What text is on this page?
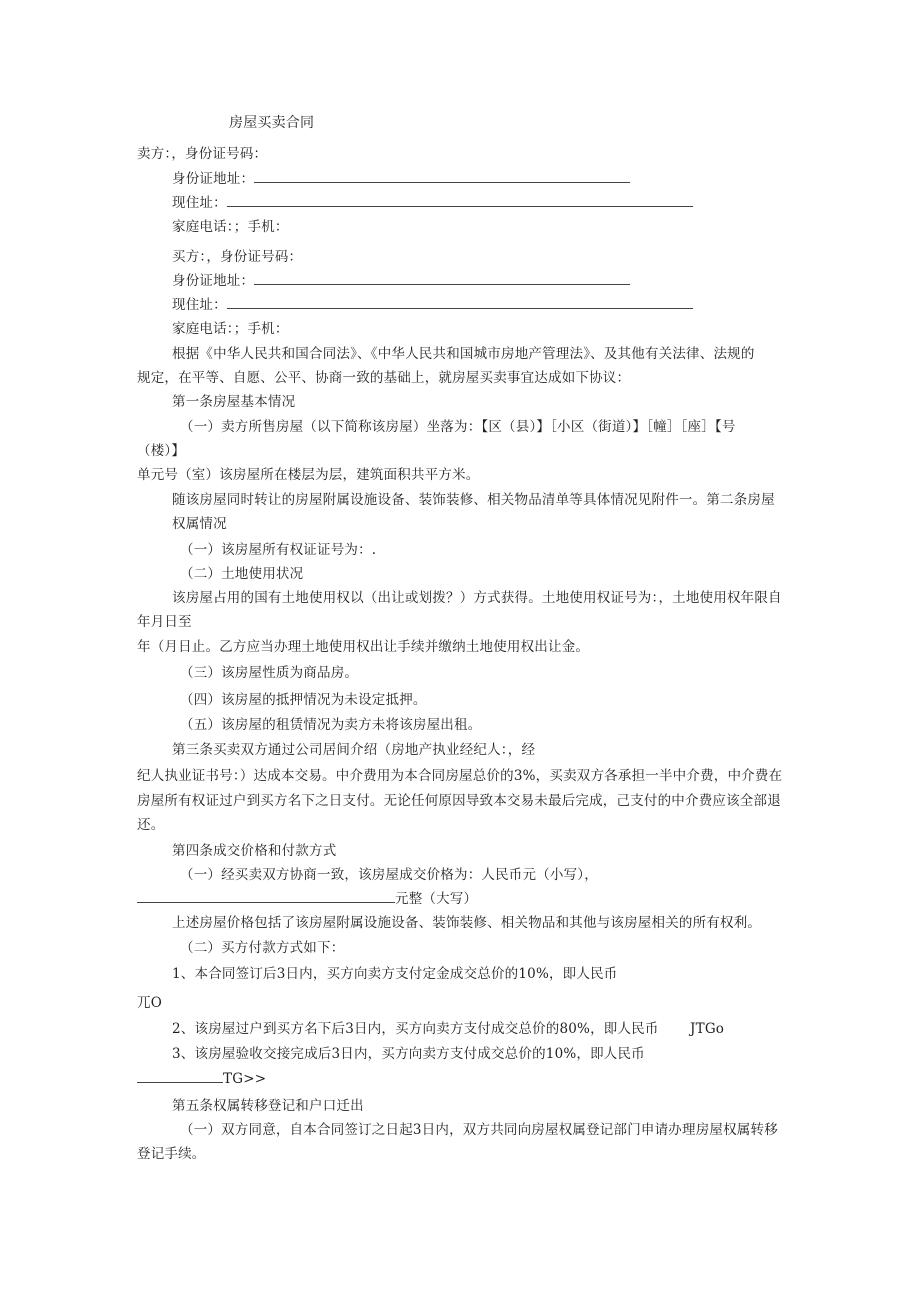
房屋买卖合同
卖方：，身份证号码：
身份证地址：
现住址：
家庭电话：；手机：
买方：，身份证号码：
身份证地址：
现住址：
家庭电话：；手机：
根据《中华人民共和国合同法》、《中华人民共和国城市房地产管理法》、及其他有关法律、法规的
规定，在平等、自愿、公平、协商一致的基础上，就房屋买卖事宜达成如下协议：
第一条房屋基本情况
（一）卖方所售房屋（以下简称该房屋）坐落为：【区（县）】［小区（街道）】［幢］［座］【号
（楼）】
单元号（室）该房屋所在楼层为层，建筑面积共平方米。
随该房屋同时转让的房屋附属设施设备、装饰装修、相关物品清单等具体情况见附件一。第二条房屋
权属情况
（一）该房屋所有权证证号为：.
（二）土地使用状况
该房屋占用的国有土地使用权以（出让或划拨？）方式获得。土地使用权证号为：，土地使用权年限自
年月日至
年（月日止。乙方应当办理土地使用权出让手续并缴纳土地使用权出让金。
（三）该房屋性质为商品房。
（四）该房屋的抵押情况为未设定抵押。
（五）该房屋的租赁情况为卖方未将该房屋出租。
第三条买卖双方通过公司居间介绍（房地产执业经纪人：，经
纪人执业证书号：）达成本交易。中介费用为本合同房屋总价的3%，买卖双方各承担一半中介费，中介费在
房屋所有权证过户到买方名下之日支付。无论任何原因导致本交易未最后完成，己支付的中介费应该全部退
还。
第四条成交价格和付款方式
（一）经买卖双方协商一致，该房屋成交价格为：人民币元（小写），
元整（大写）
上述房屋价格包括了该房屋附属设施设备、装饰装修、相关物品和其他与该房屋相关的所有权利。
（二）买方付款方式如下：
1、本合同签订后3日内，买方向卖方支付定金成交总价的10%，即人民币
兀O
2、该房屋过户到买方名下后3日内，买方向卖方支付成交总价的80%，即人民币 JTGo
3、该房屋验收交接完成后3日内，买方向卖方支付成交总价的10%，即人民币
TG>>
第五条权属转移登记和户口迁出
（一）双方同意，自本合同签订之日起3日内，双方共同向房屋权属登记部门申请办理房屋权属转移
登记手续。
